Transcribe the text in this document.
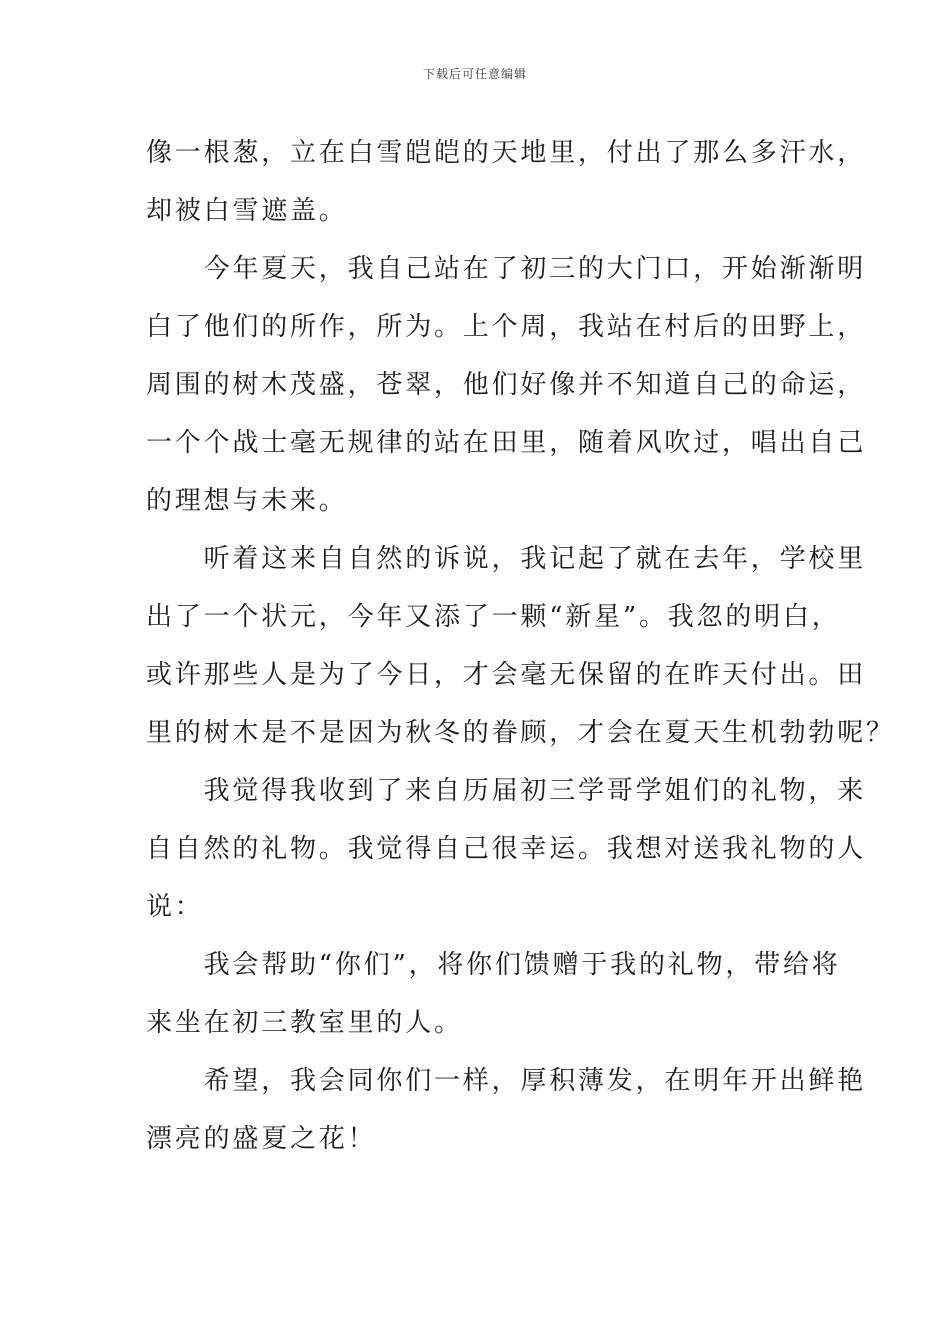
下载后可任意编辑
像一根葱，立在白雪皑皑的天地里，付出了那么多汗水，
却被白雪遮盖。
　　今年夏天，我自己站在了初三的大门口，开始渐渐明
白了他们的所作，所为。上个周，我站在村后的田野上，
周围的树木茂盛，苍翠，他们好像并不知道自己的命运，
一个个战士毫无规律的站在田里，随着风吹过，唱出自己
的理想与未来。
　　听着这来自自然的诉说，我记起了就在去年，学校里
出了一个状元，今年又添了一颗“新星”。我忽的明白，
或许那些人是为了今日，才会毫无保留的在昨天付出。田
里的树木是不是因为秋冬的眷顾，才会在夏天生机勃勃呢？
　　我觉得我收到了来自历届初三学哥学姐们的礼物，来
自自然的礼物。我觉得自己很幸运。我想对送我礼物的人
说：
　　我会帮助“你们”，将你们馈赠于我的礼物，带给将
来坐在初三教室里的人。
　　希望，我会同你们一样，厚积薄发，在明年开出鲜艳
漂亮的盛夏之花！
